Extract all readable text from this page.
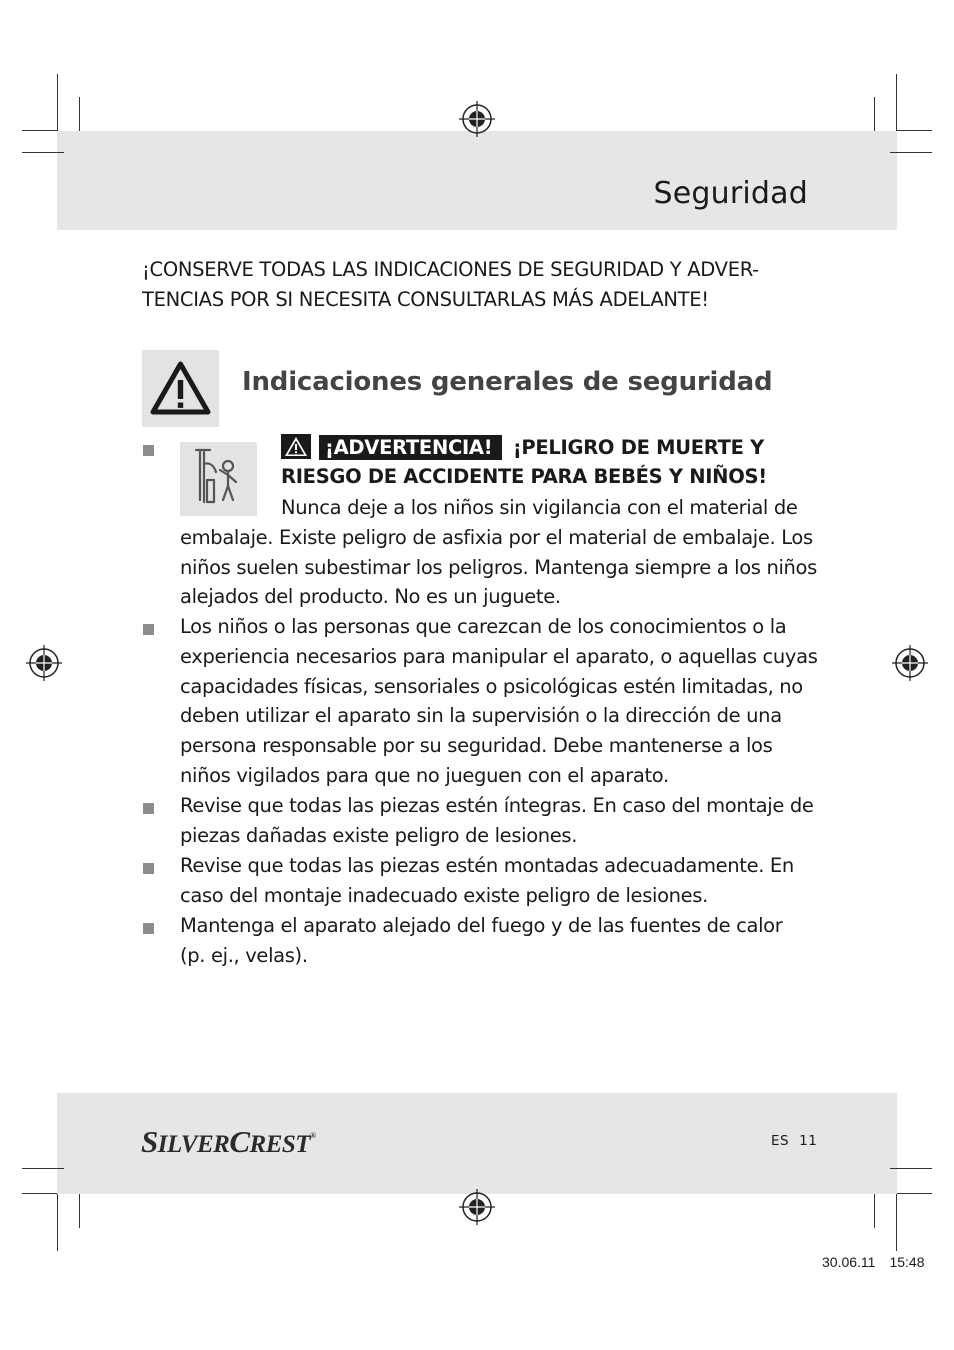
Seguridad
¡CONSERVE TODAS LAS INDICACIONES DE SEGURIDAD Y ADVER-
TENCIAS POR SI NECESITA CONSULTARLAS MÁS ADELANTE!
Indicaciones generales de seguridad
¡ADVERTENCIA! ¡PELIGRO DE MUERTE Y
RIESGO DE ACCIDENTE PARA BEBÉS Y NIÑOS!
Nunca deje a los niños sin vigilancia con el material de
embalaje. Existe peligro de asfixia por el material de embalaje. Los
niños suelen subestimar los peligros. Mantenga siempre a los niños
alejados del producto. No es un juguete.
Los niños o las personas que carezcan de los conocimientos o la
experiencia necesarios para manipular el aparato, o aquellas cuyas
capacidades físicas, sensoriales o psicológicas estén limitadas, no
deben utilizar el aparato sin la supervisión o la dirección de una
persona responsable por su seguridad. Debe mantenerse a los
niños vigilados para que no jueguen con el aparato.
Revise que todas las piezas estén íntegras. En caso del montaje de
piezas dañadas existe peligro de lesiones.
Revise que todas las piezas estén montadas adecuadamente. En
caso del montaje inadecuado existe peligro de lesiones.
Mantenga el aparato alejado del fuego y de las fuentes de calor
(p. ej., velas).
SILVERCREST®	ES 11
30.06.11 15:48
